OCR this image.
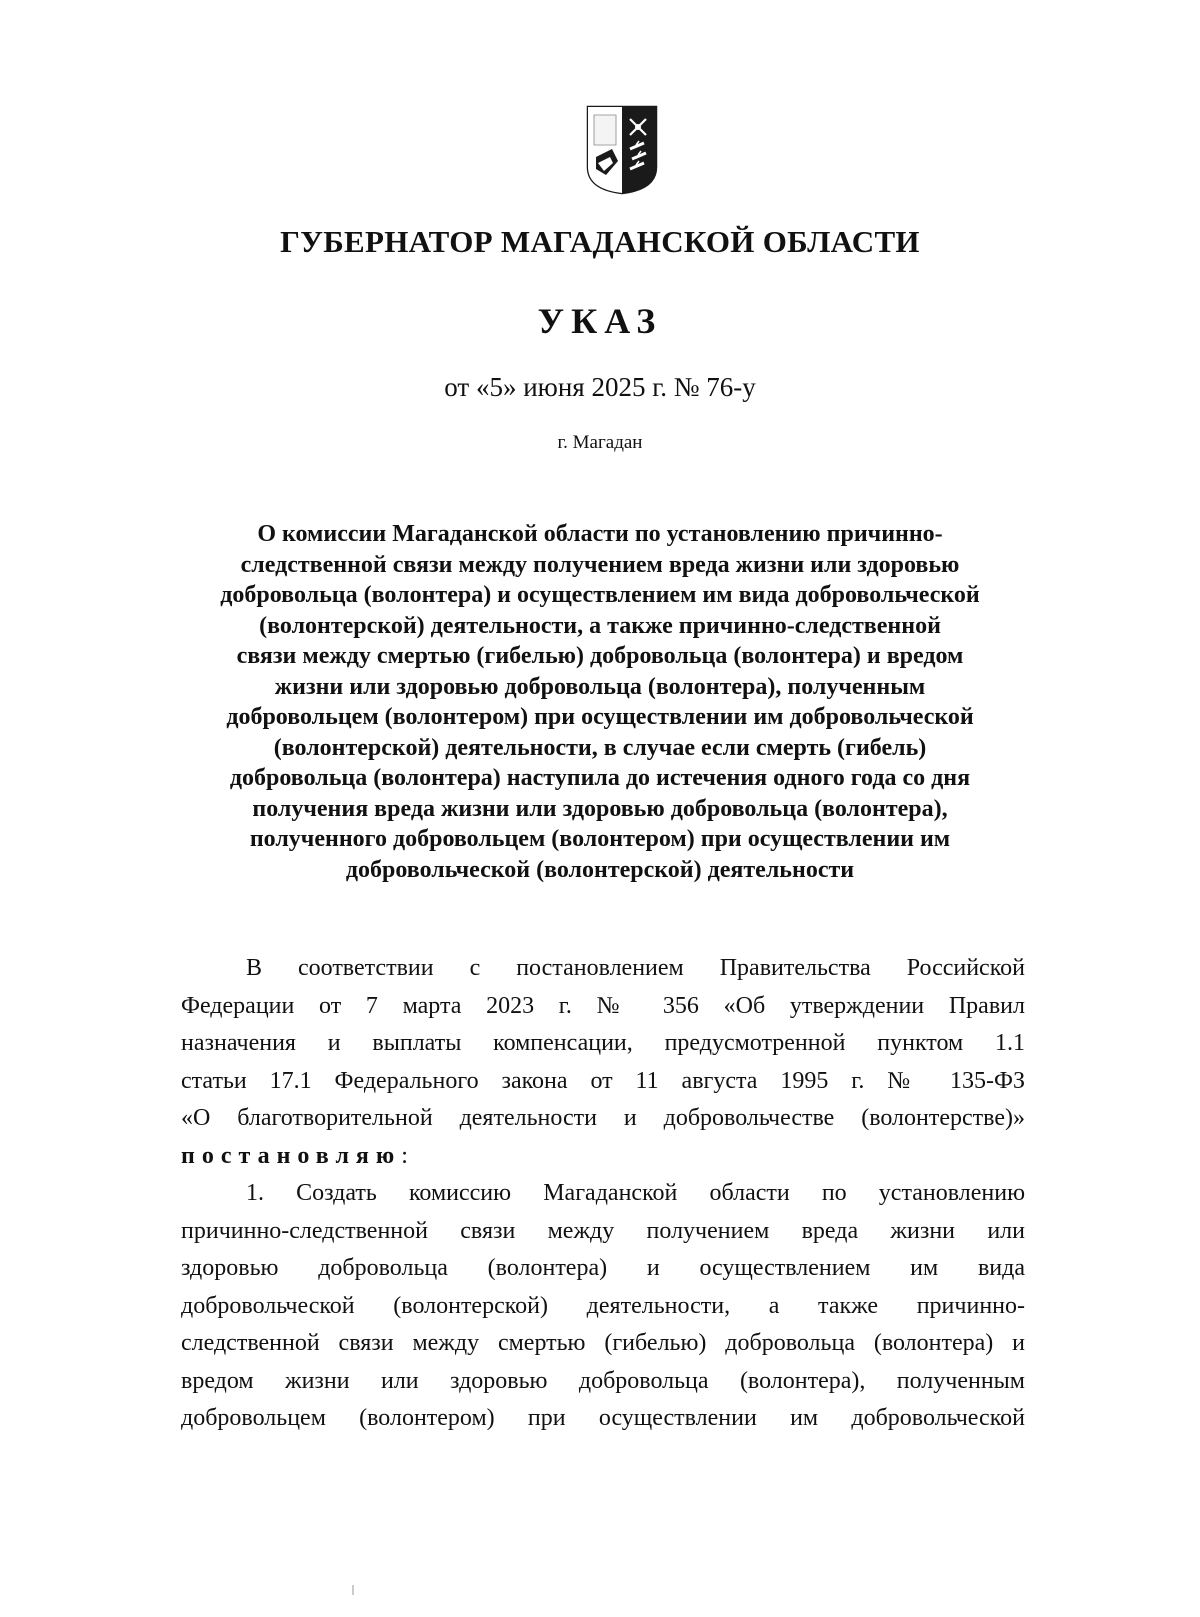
ГУБЕРНАТОР МАГАДАНСКОЙ ОБЛАСТИ
УКАЗ
от «5» июня 2025 г. № 76-у
г. Магадан
О комиссии Магаданской области по установлению причинно-
следственной связи между получением вреда жизни или здоровью
добровольца (волонтера) и осуществлением им вида добровольческой
(волонтерской) деятельности, а также причинно-следственной
связи между смертью (гибелью) добровольца (волонтера) и вредом
жизни или здоровью добровольца (волонтера), полученным
добровольцем (волонтером) при осуществлении им добровольческой
(волонтерской) деятельности, в случае если смерть (гибель)
добровольца (волонтера) наступила до истечения одного года со дня
получения вреда жизни или здоровью добровольца (волонтера),
полученного добровольцем (волонтером) при осуществлении им
добровольческой (волонтерской) деятельности
В соответствии с постановлением Правительства Российской
Федерации от 7 марта 2023 г. № 356 «Об утверждении Правил
назначения и выплаты компенсации, предусмотренной пунктом 1.1
статьи 17.1 Федерального закона от 11 августа 1995 г. № 135-ФЗ
«О благотворительной деятельности и добровольчестве (волонтерстве)»
постановляю:
1. Создать комиссию Магаданской области по установлению
причинно-следственной связи между получением вреда жизни или
здоровью добровольца (волонтера) и осуществлением им вида
добровольческой (волонтерской) деятельности, а также причинно-
следственной связи между смертью (гибелью) добровольца (волонтера) и
вредом жизни или здоровью добровольца (волонтера), полученным
добровольцем (волонтером) при осуществлении им добровольческой
